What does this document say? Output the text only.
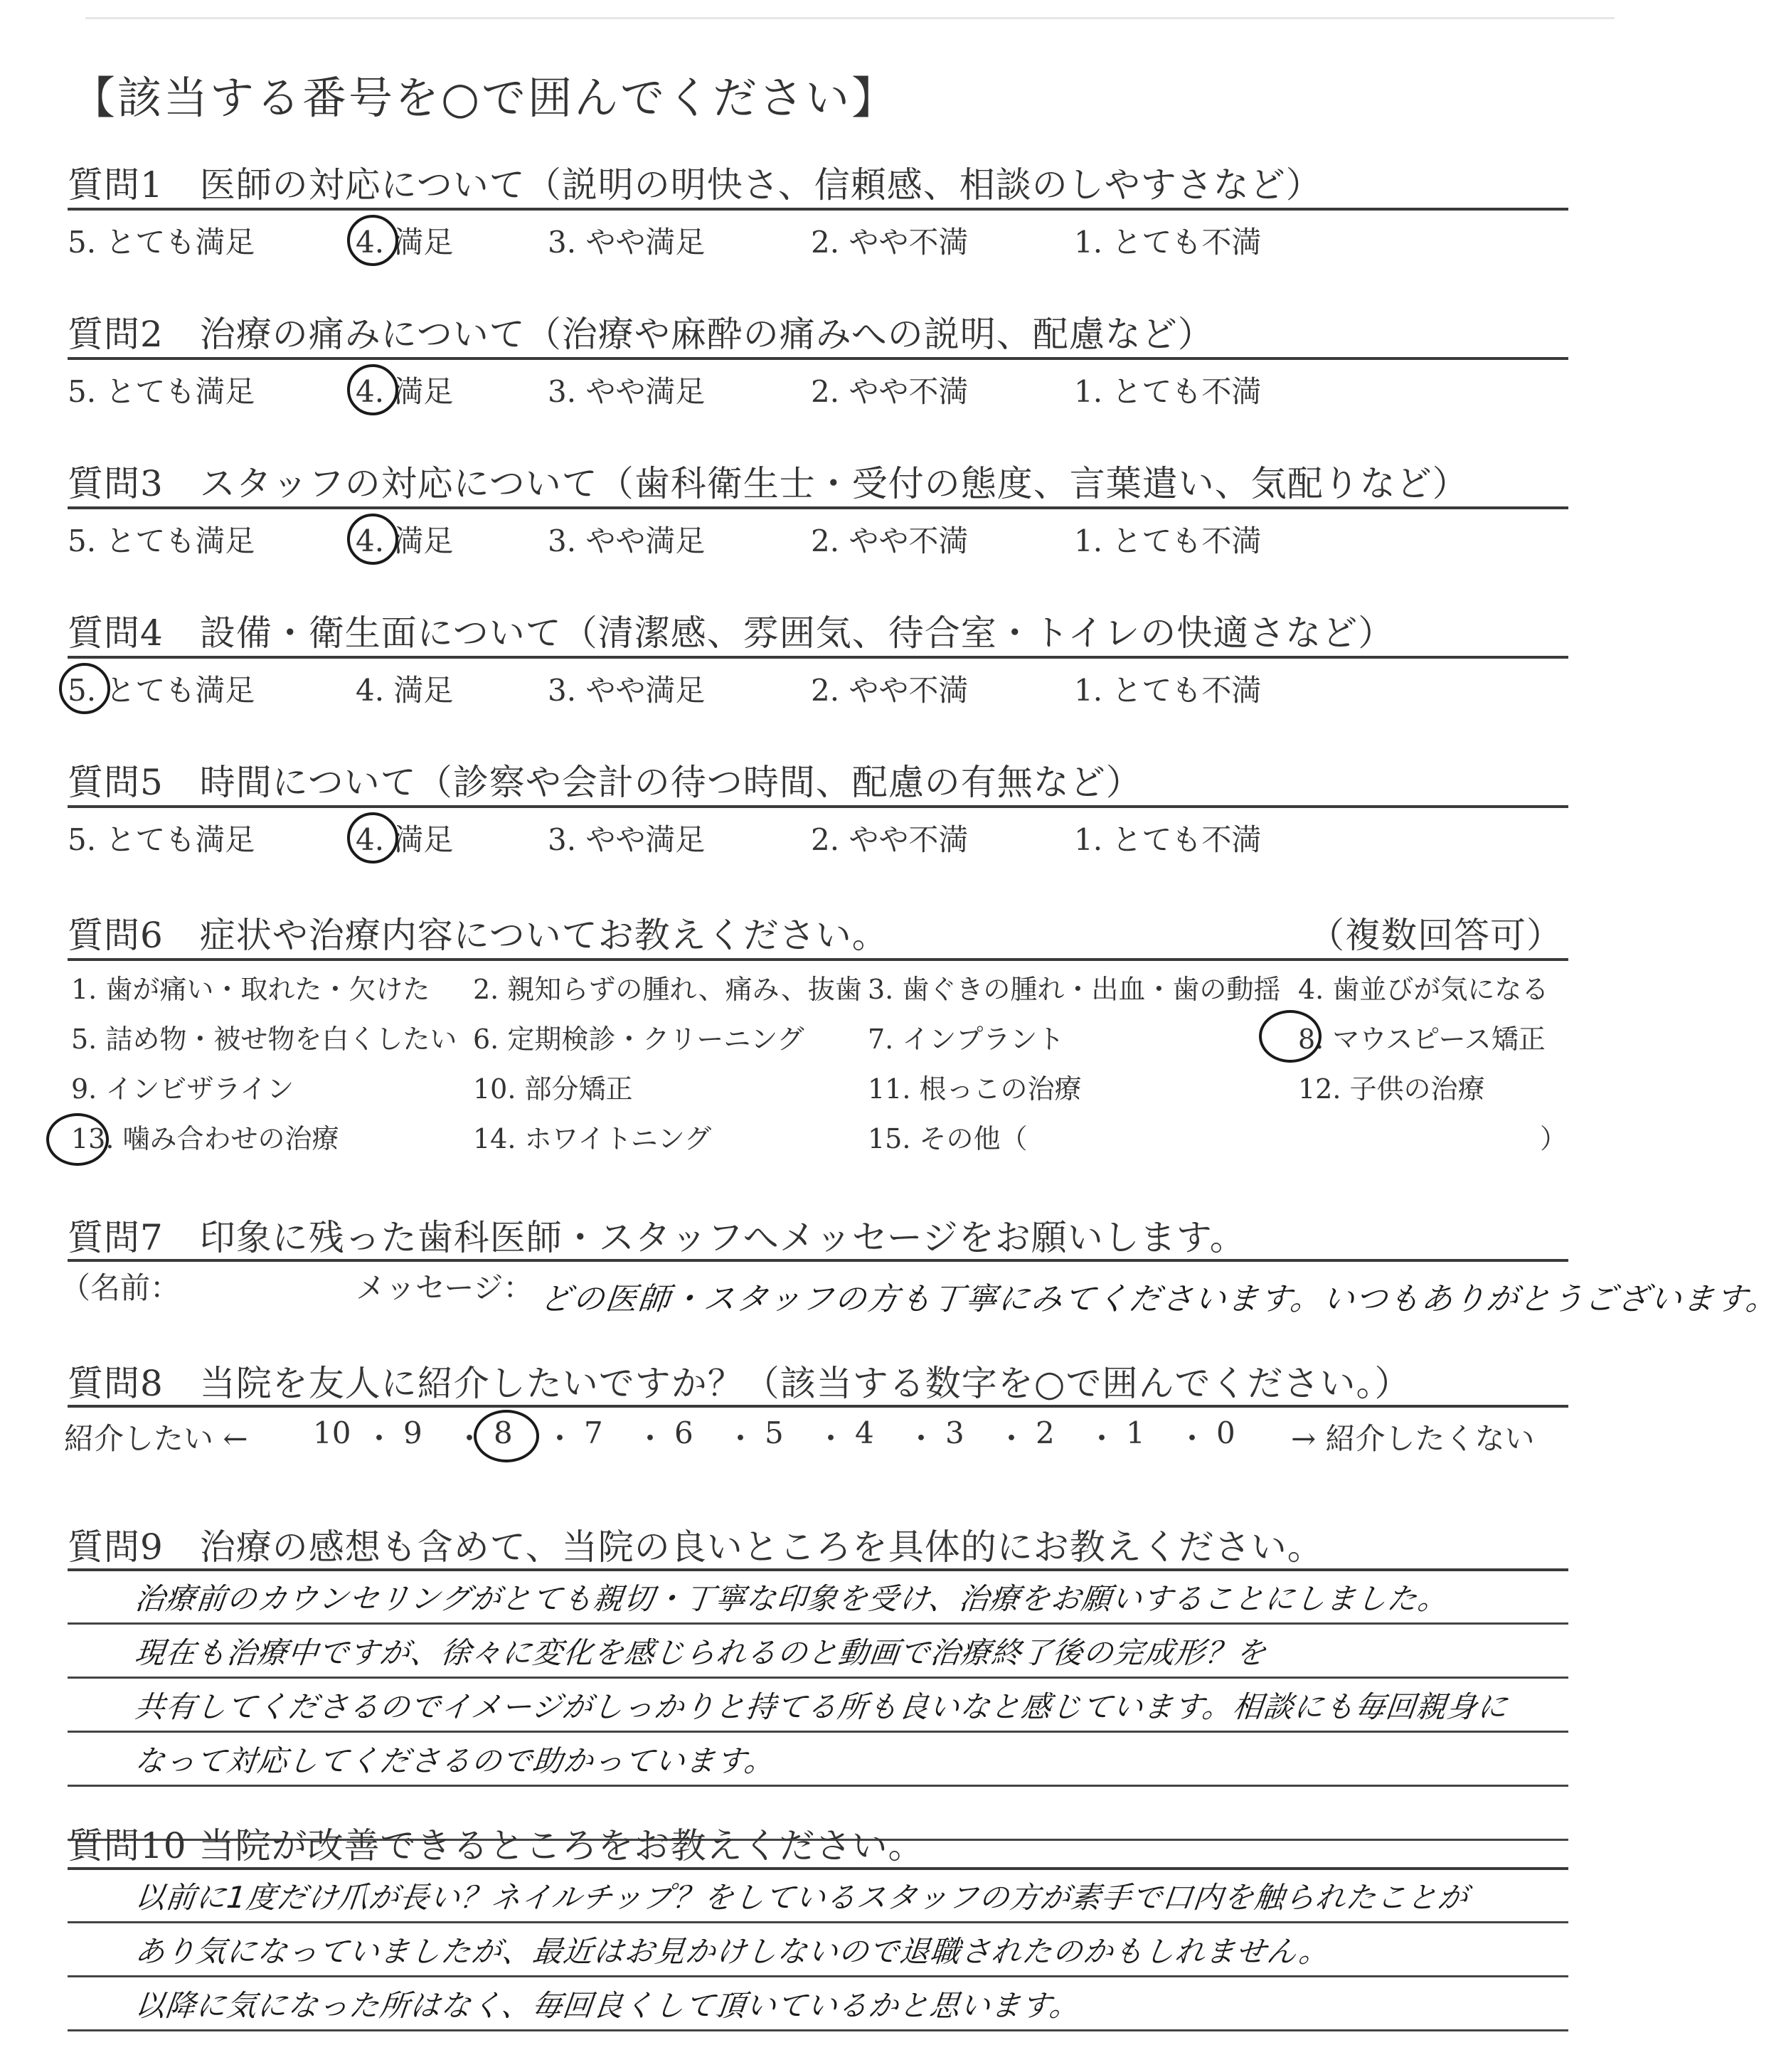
【該当する番号を○で囲んでください】
質問1　医師の対応について（説明の明快さ、信頼感、相談のしやすさなど）
5. とても満足	4. 満足	3. やや満足	2. やや不満	1. とても不満
質問2　治療の痛みについて（治療や麻酔の痛みへの説明、配慮など）
5. とても満足	4. 満足	3. やや満足	2. やや不満	1. とても不満
質問3　スタッフの対応について（歯科衛生士・受付の態度、言葉遣い、気配りなど）
5. とても満足	4. 満足	3. やや満足	2. やや不満	1. とても不満
質問4　設備・衛生面について（清潔感、雰囲気、待合室・トイレの快適さなど）
5. とても満足	4. 満足	3. やや満足	2. やや不満	1. とても不満
質問5　時間について（診察や会計の待つ時間、配慮の有無など）
5. とても満足	4. 満足	3. やや満足	2. やや不満	1. とても不満
質問6　症状や治療内容についてお教えください。	（複数回答可）
1. 歯が痛い・取れた・欠けた 2. 親知らずの腫れ、痛み、抜歯 3. 歯ぐきの腫れ・出血・歯の動揺 4. 歯並びが気になる
5. 詰め物・被せ物を白くしたい 6. 定期検診・クリーニング 7. インプラント	8. マウスピース矯正
9. インビザライン	10. 部分矯正	11. 根っこの治療	12. 子供の治療
13. 噛み合わせの治療	14. ホワイトニング	15. その他（	）
質問7　印象に残った歯科医師・スタッフへメッセージをお願いします。
（名前：	メッセージ： どの医師・スタッフの方も丁寧にみてくださいます。いつもありがとうございます。
質問8　当院を友人に紹介したいですか？（該当する数字を○で囲んでください。）
紹介したい ←	→ 紹介したくない
10 ・ 9 ・ 8 ・ 7 ・ 6 ・ 5 ・ 4 ・ 3 ・ 2 ・ 1 ・ 0
質問9　治療の感想も含めて、当院の良いところを具体的にお教えください。
治療前のカウンセリングがとても親切・丁寧な印象を受け、治療をお願いすることにしました。
現在も治療中ですが、徐々に変化を感じられるのと動画で治療終了後の完成形？を
共有してくださるのでイメージがしっかりと持てる所も良いなと感じています。相談にも毎回親身に
なって対応してくださるので助かっています。
質問10 当院が改善できるところをお教えください。
以前に1度だけ爪が長い？ネイルチップ？をしているスタッフの方が素手で口内を触られたことが
あり気になっていましたが、最近はお見かけしないので退職されたのかもしれません。
以降に気になった所はなく、毎回良くして頂いているかと思います。
